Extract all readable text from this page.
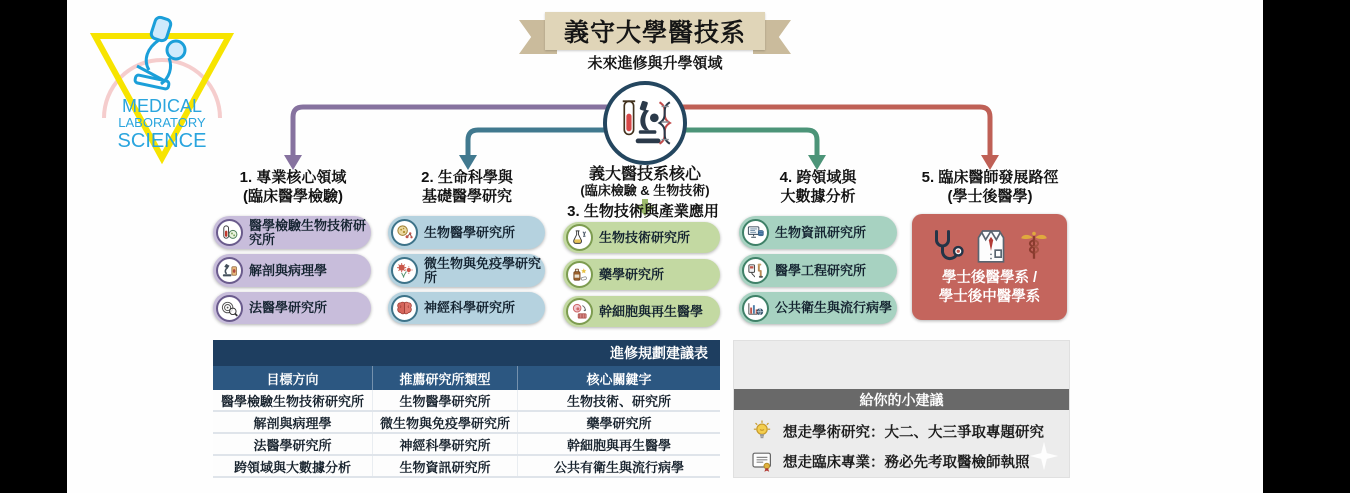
MEDICAL
LABORATORY
SCIENCE
義守大學醫技系
未來進修與升學領域
義大醫技系核心
(臨床檢驗 & 生物技術)
1. 專業核心領域
(臨床醫學檢驗)
2. 生命科學與
基礎醫學研究
3. 生物技術與產業應用
4. 跨領域與
大數據分析
5. 臨床醫師發展路徑
(學士後醫學)
醫學檢驗生物技術研究所
解剖與病理學
法醫學研究所
生物醫學研究所
微生物與免疫學研究所
神經科學研究所
生物技術研究所
藥學研究所
幹細胞與再生醫學
生物資訊研究所
醫學工程研究所
公共衛生與流行病學
學士後醫學系 /
學士後中醫學系
進修規劃建議表
目標方向	推薦研究所類型	核心關鍵字
醫學檢驗生物技術研究所	生物醫學研究所	生物技術、研究所
解剖與病理學	微生物與免疫學研究所	藥學研究所
法醫學研究所	神經科學研究所	幹細胞與再生醫學
跨領域與大數據分析	生物資訊研究所	公共有衛生與流行病學
給你的小建議
想走學術研究：大二、大三爭取專題研究
想走臨床專業：務必先考取醫檢師執照
